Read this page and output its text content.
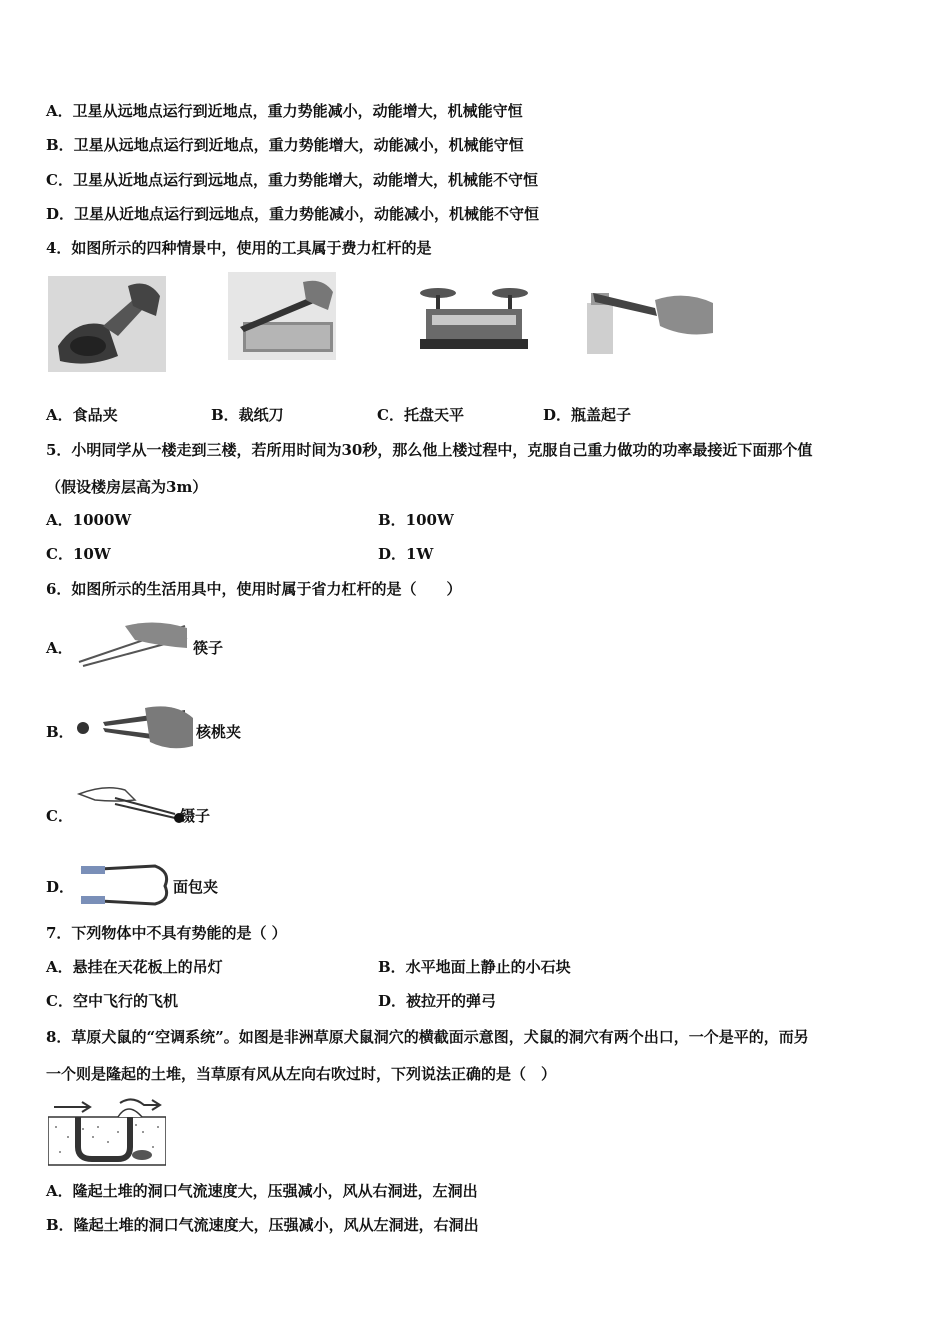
A．卫星从远地点运行到近地点，重力势能减小，动能增大，机械能守恒
B．卫星从远地点运行到近地点，重力势能增大，动能减小，机械能守恒
C．卫星从近地点运行到远地点，重力势能增大，动能增大，机械能不守恒
D．卫星从近地点运行到远地点，重力势能减小，动能减小，机械能不守恒
4．如图所示的四种情景中，使用的工具属于费力杠杆的是
A．食品夹	B．裁纸刀	C．托盘天平	D．瓶盖起子
5．小明同学从一楼走到三楼，若所用时间为30秒，那么他上楼过程中，克服自己重力做功的功率最接近下面那个值
（假设楼房层高为3m）
A．1000W	B．100W
C．10W	D．1W
6．如图所示的生活用具中，使用时属于省力杠杆的是（　　）
A．	筷子
B．	核桃夹
C．	镊子
D．	面包夹
7．下列物体中不具有势能的是（ ）
A．悬挂在天花板上的吊灯	B．水平地面上静止的小石块
C．空中飞行的飞机	D．被拉开的弹弓
8．草原犬鼠的“空调系统”。如图是非洲草原犬鼠洞穴的横截面示意图，犬鼠的洞穴有两个出口，一个是平的，而另
一个则是隆起的土堆，当草原有风从左向右吹过时，下列说法正确的是（　）
A．隆起土堆的洞口气流速度大，压强减小，风从右洞进，左洞出
B．隆起土堆的洞口气流速度大，压强减小，风从左洞进，右洞出
